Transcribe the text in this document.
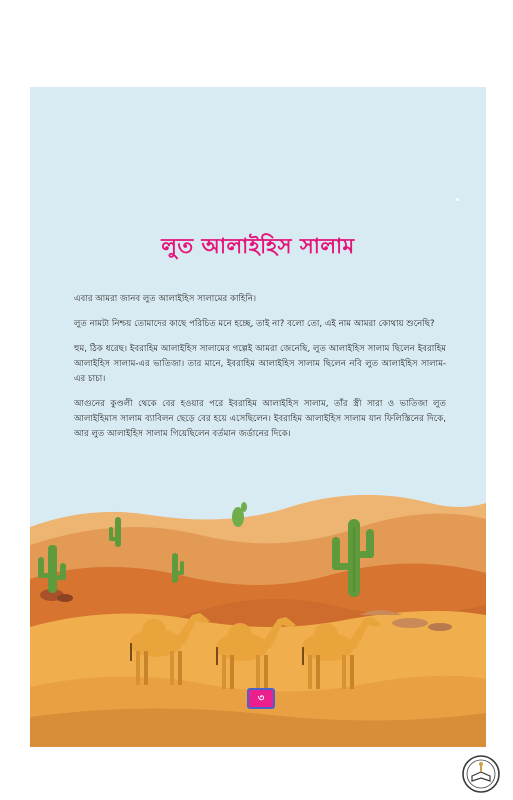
লুত আলাইহিস সালাম

এবার আমরা জানব লুত আলাইহিস সালামের কাহিনি।

লুত নামটা নিশ্চয় তোমাদের কাছে পরিচিত মনে হচ্ছে, তাই না? বলো তো, এই নাম আমরা কোথায় শুনেছি?

হুম, ঠিক ধরেছ। ইবরাহিম আলাইহিস সালামের গল্পেই আমরা জেনেছি, লুত আলাইহিস সালাম ছিলেন ইবরাহিম আলাইহিস সালাম-এর ভাতিজা। তার মানে, ইবরাহিম আলাইহিস সালাম ছিলেন নবি লুত আলাইহিস সালাম-এর চাচা।

আগুনের কুণ্ডলী থেকে বের হওয়ার পরে ইবরাহিম আলাইহিস সালাম, তাঁর স্ত্রী সারা ও ভাতিজা লুত আলাইহিমাস সালাম ব্যাবিলন ছেড়ে বের হয়ে এসেছিলেন। ইবরাহিম আলাইহিস সালাম যান ফিলিস্তিনের দিকে, আর লুত আলাইহিস সালাম গিয়েছিলেন বর্তমান জর্ডানের দিকে।

৩
